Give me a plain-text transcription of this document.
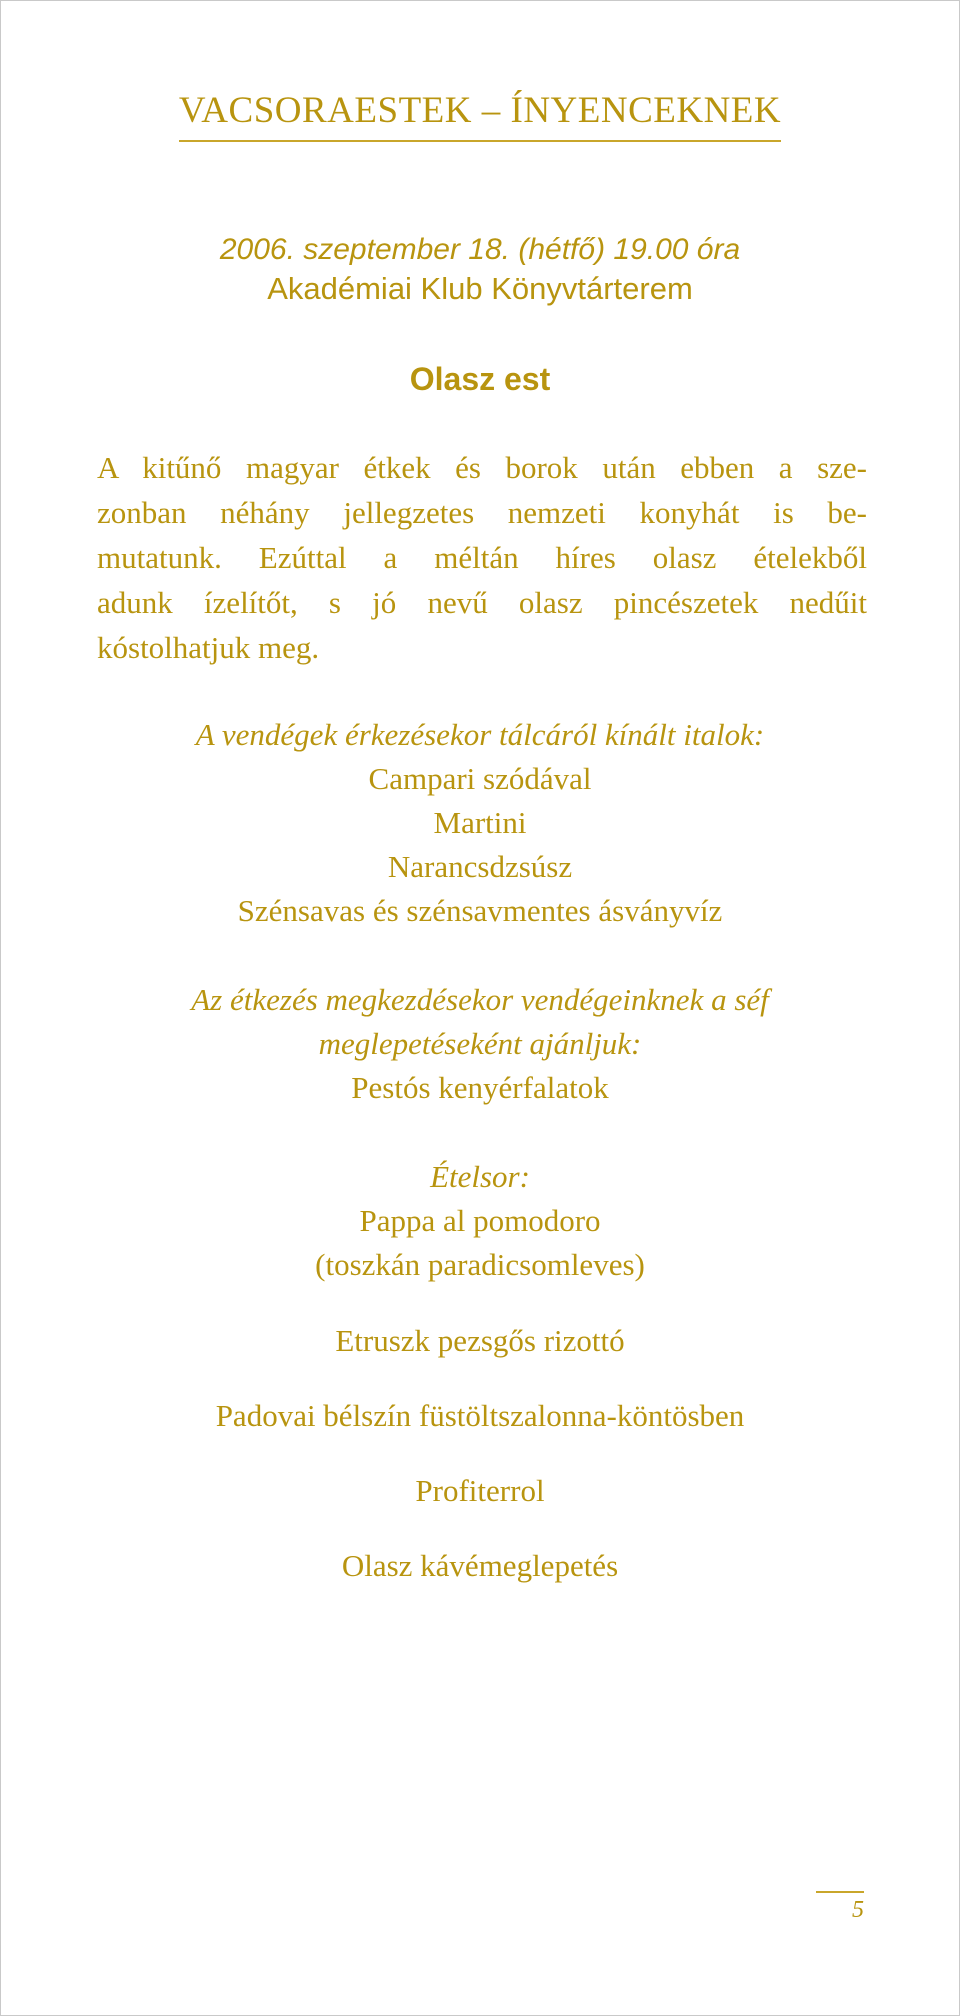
VACSORAESTEK – ÍNYENCEKNEK
2006. szeptember 18. (hétfő) 19.00 óra
Akadémiai Klub Könyvtárterem
Olasz est
A kitűnő magyar étkek és borok után ebben a sze-
zonban néhány jellegzetes nemzeti konyhát is be-
mutatunk. Ezúttal a méltán híres olasz ételekből
adunk ízelítőt, s jó nevű olasz pincészetek nedűit
kóstolhatjuk meg.
A vendégek érkezésekor tálcáról kínált italok:
Campari szódával
Martini
Narancsdzsúsz
Szénsavas és szénsavmentes ásványvíz
Az étkezés megkezdésekor vendégeinknek a séf
meglepetéseként ajánljuk:
Pestós kenyérfalatok
Ételsor:
Pappa al pomodoro
(toszkán paradicsomleves)
Etruszk pezsgős rizottó
Padovai bélszín füstöltszalonna-köntösben
Profiterrol
Olasz kávémeglepetés
5
